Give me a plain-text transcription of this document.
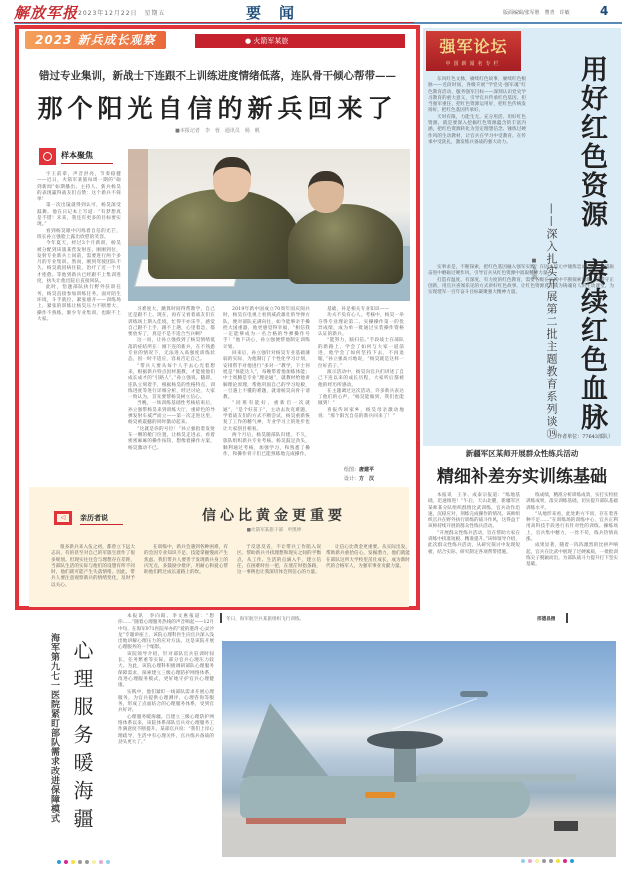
解放军报 2023年12月22日　星期五	要闻	版面编辑/张军胜　曹青　许敏	4
2023 新兵成长观察	● 火箭军某旅
错过专业集训，新战士下连跟不上训练进度情绪低落，连队骨干倾心帮带——
那个阳光自信的新兵回来了
■本报记者　李　蓉　通讯员　杨　帆
样本聚焦

宇王前辈，声音洪亮，节奏稳健——近日，火箭军某旅每周一期的“砺剑新闻”如期播出。主持人、新兵杨昊的表现赢得战友们点赞：这个新兵不简单！

第一次出镜就得到认可，杨昊深受鼓舞。他在日记本上写道：“有梦想真是不错！未来，我还有更多的目标要实现。”

看到杨昊眼中闪烁着自信的光芒，班长孙立强脸上露出欣慰的笑容。

今年夏天，经过3个月新训，杨昊被分配到该旅某营发射连。刚刚到位，发射专业新兵上岗前，需要进行两个多月的专业集训。然而，刚到驾驶团队不久，杨昊就因病住院，治疗了近一个月才痊愈。等他到新兵已经跟不上集训进度，执失让他出院后直接回队。

此时，恰逢部队执行野外驻训任务，杨昊直接参加训练任务。面对陌生环境，斗手就位，紧张感开——训练场上，紧张的训练让杨昊压力不断增大，操作不熟练，渐少专业集训，也跟不上大家。

习难度大，跳算时间得帮教学，自己还是跟不上。现在，再有又看着战友们在训练场上斯入佳境，忙得不亦乐乎，感觉自己跟不上手，跟不上趟，心里着急，都要放弃了，真是不是不适合当兵啊？

这一问，让孙立强找到了杨昊情绪低落的症结所在：刚下连的新兵，在不熟悉专业的情况下，无法进入高强度训练状态，因一时不适应，容易否定自己。

“带兵人要从每个人手去心光着想来，根据新兵特点因材施教，才能使他们成长成才的“引路人”。”孙立强说。随即，连队立刻着手，根据杨昊的性格特点，训练进度等进行详细分析，经过讨论，大家一致认为，首先要帮杨昊树立信心。

当晚，一场训练基础性考核结束后，孙立强带杨昊来到训练大厅，重碎色的导弹发射车威严而立——第一次走进这里，杨昊被震撼的同时激动起来。

“这就是你的号位！”孙立强指着发射车一侧的舱门位置，让杨昊走进去，看着密密麻麻的操作按钮，想像着操作方案，杨昊激动不已。

2019年新中国成立70周年国庆阅兵时，杨昊在电视上看到威武雄壮的导弹方队，便对部队充满向往，如今能够亲手操控大国重器，他更感觉得幸福，“相信我一定能够成为一名合格的导弹操作号手！”他下决心，孙立强便帮他制定训练计划。

回来后，孙立强针对杨昊专业基础薄弱的实际，为他制订了个性化学习计划，安排帮手对他进行“多对一”教学，下士何旭是“体能达人”，每晚带着他加练体能；中士周腾是专业“理论通”，就教材给他讲解理论原理，帮他巩固自己的学习短板，一旦遇上不懂的难题，就请杨昊向骨干请教。

“同班有能好，重新启一次就通”，“是个好苗子”，主动去攻克难题，学着战友们的方式不断尝试，杨昊重新恢复了工作的精气神，专业学习上的进步也让大家刮目相看。

两个月后，杨昊随部队归建。不久，旅队组织新兵专业考核。杨昊鼓足劲头，顺利通过考核，加强学习，和熟悉了操作，和操作骨干们已能熟练地完成操作。

基础，补足相关专业知识——

功夫不负有心人。考核中，杨昊一举夺得专业理论第二、实操操作第一的优异成绩，成为单一批通过实装操作资格认证的新兵。

“能努力，脑归信。”手段战士在部队的新路上，学会了如何与大家一道前进，他学会了如何坚持下去，不再退缩，”孙立强高兴地说，“杨昊就是这样一位好苗子。”

演示活动中，杨昊向官兵们讲述了自己下连以来的成长历程，大家听后都被他的经历所感动。

在主题调过这次活动，许多新兵表达了他们的心声，“杨昊能做到，我们也能做到！”

喜报传回家乡，杨昊母亲激动地说：“那个阳光自信的新兵回来了！”

绘图：唐建平
设计：方　汉
◁	亲历者说	信心比黄金更重要
■火箭军某旅干部　申凯坤

很多新兵来入伍之初，都曾立下远大志向，有的甚至对自己的军旅生涯作了很多规划。但现实往往会与理想存在差距，当部队生活的实际与他们的设想有所不同时，他们就可能产生失落情绪。因此，带兵人要注意观察新兵的情绪变化，及时予以关心。

在训练中，新兵会遇到各种困难，有的会因专业知识不足、技能掌握慢而产生焦虑。我们带兵人要善于发现新兵身上的闪光点，多鼓励少批评，用耐心和爱心帮助他们跨过成长道路上的坎。

于反思反省，不让带兵工作陷入误区。帮助新兵寻找理想和现实之间的平衡点，从工作、生活的点滴入手，建立信任，在困难时拉一把，在迷茫时指条路，这一事例也让我深切体会到信心的力量。

让信心比黄金更重要。从实际出发，帮助新兵重拾信心，发掘潜力，他们就能在部队这所大学校里茁壮成长，成为新时代的合格军人，为强军事业贡献力量。

强军论坛
中国新闻名专栏

东风红色文脉，赓续红色故事，赓续红色根脉——近段时间，各级开展“学党史·强军魂”红色教育活动，服务强军目标——深刻认识党史学习教育的重大意义，引导官兵传承红色基因、担当强军重任，把红色资源运用好，把红色传统发扬好，把红色基因传承好。

天时有限，力能生无。充分用活、用好红色资源，就是要深入挖掘红色资源蕴含的丰富内涵，把红色资源转化为坚定理想信念、锤炼过硬作风的生动教材，让官兵在学习中受教育、在传承中受洗礼，激发练兵备战的强大动力。	用好红色资源　赓续红色血脉
——深入扎实开展第二批主题教育系列谈⑲
■雷雯驰

实事求是，不断探索，把红色基因融入强军实践，在固本培元中锤炼忠诚品格，在砥砺奋进中磨砺过硬作风，引导官兵从红色资源中汲取精神力量。

打造有温度、有深度、有力度的红色教育，需要各级在实践中不断探索创新，坚持守正创新，用官兵喜闻乐见的方式讲好红色故事，让红色资源真正成为铸魂育人的生动课堂，为实现建军一百年奋斗目标凝聚强大精神力量。

（作者单位：77643部队）
新疆军区某师开展群众性练兵活动
精细补差夯实训练基础

本报讯　王争、成泰宗报道：“练地基础，迅速推进！”午后，天山北麓，新疆军区某师某分队组织群情比武训练，官兵动作迅速，沉稳应对，刻练完成操作的情况。该师组织官兵在野外执行训练的战斗作风，这得益于该师持续开展的群众性练兵活动。

“开展群众性练兵活动，旨在帮助大家在训练中找准短板、精准提升。”该师领导介绍，此次群众性练兵活动，从研究探讨中发现短板，结合实际，研究制定各项帮带措施。

练成绩，精准分析训练成效，实打实检验训练成果，落实训练基础，切实提升部队基础训练水平。

“从地形来看，此处距方不同，存在着各种不足……”在训练场的训练中心，官兵正利用高科技手段进行有针对性的训练。操练场上，官兵集中精力，一丝不苟，练兵热情高涨。

成果显著，随着一阵阵激烈的比拼声响起，官兵在比武中展现了过硬素质，一批批训练尖子脱颖而出，为部队战斗力提升打下坚实基础。

海军第九七一医院紧盯部队需求改进保障模式 心理服务暖海疆

本报讯　李向阳、李文惠报道：“想你……”随着心理服务热线的声音响起——12月中旬，在海军971医院举办的“爱的港湾·心灵沙龙”专题讲座上，该院心理科医生向官兵深入浅出地讲解心理压力的应对方法。这是该院开展心理服务的一个缩影。

该院领导介绍，针对部队官兵驻训时间长、任务繁重等实际，部分官兵心理压力较大。为此，该院心理科积极调研部队心理服务保障需求，探索建立三级心理防护网络体系，改进心理服务模式，更好地守护官兵心理健康。

实践中，他们紧盯一线部队需求开展心理服务，为官兵提供心理测评、心理咨询等服务，形成了点面结合的心理服务体系，受到官兵好评。

心理服务暖海疆。自建立三级心理防护网络体系以来，该院体系部队官兵对心理服务工作满意度不断提升。某部官兵说：“我们上岸心理疏导，生活中有心理关怀，官兵练兵备战的劲头更大了。”

冬日，海军航空兵某旅组织飞行训练。	邢德昌摄
